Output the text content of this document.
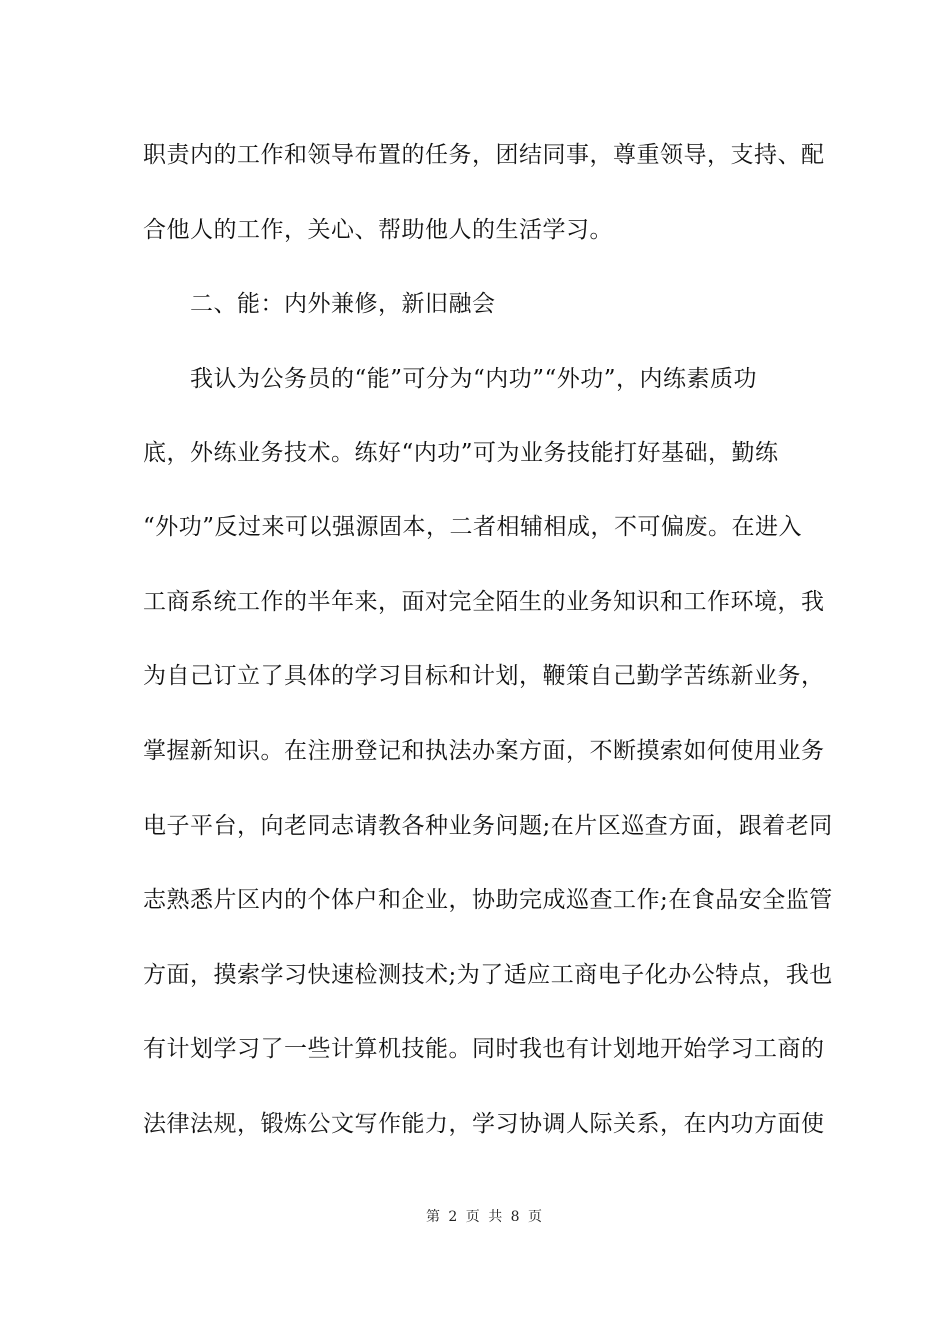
职责内的工作和领导布置的任务，团结同事，尊重领导，支持、配
合他人的工作，关心、帮助他人的生活学习。
二、能：内外兼修，新旧融会
我认为公务员的“能”可分为“内功”“外功”，内练素质功
底，外练业务技术。练好“内功”可为业务技能打好基础，勤练
“外功”反过来可以强源固本，二者相辅相成，不可偏废。在进入
工商系统工作的半年来，面对完全陌生的业务知识和工作环境，我
为自己订立了具体的学习目标和计划，鞭策自己勤学苦练新业务，
掌握新知识。在注册登记和执法办案方面，不断摸索如何使用业务
电子平台，向老同志请教各种业务问题;在片区巡查方面，跟着老同
志熟悉片区内的个体户和企业，协助完成巡查工作;在食品安全监管
方面，摸索学习快速检测技术;为了适应工商电子化办公特点，我也
有计划学习了一些计算机技能。同时我也有计划地开始学习工商的
法律法规，锻炼公文写作能力，学习协调人际关系，在内功方面使
第 2 页 共 8 页
